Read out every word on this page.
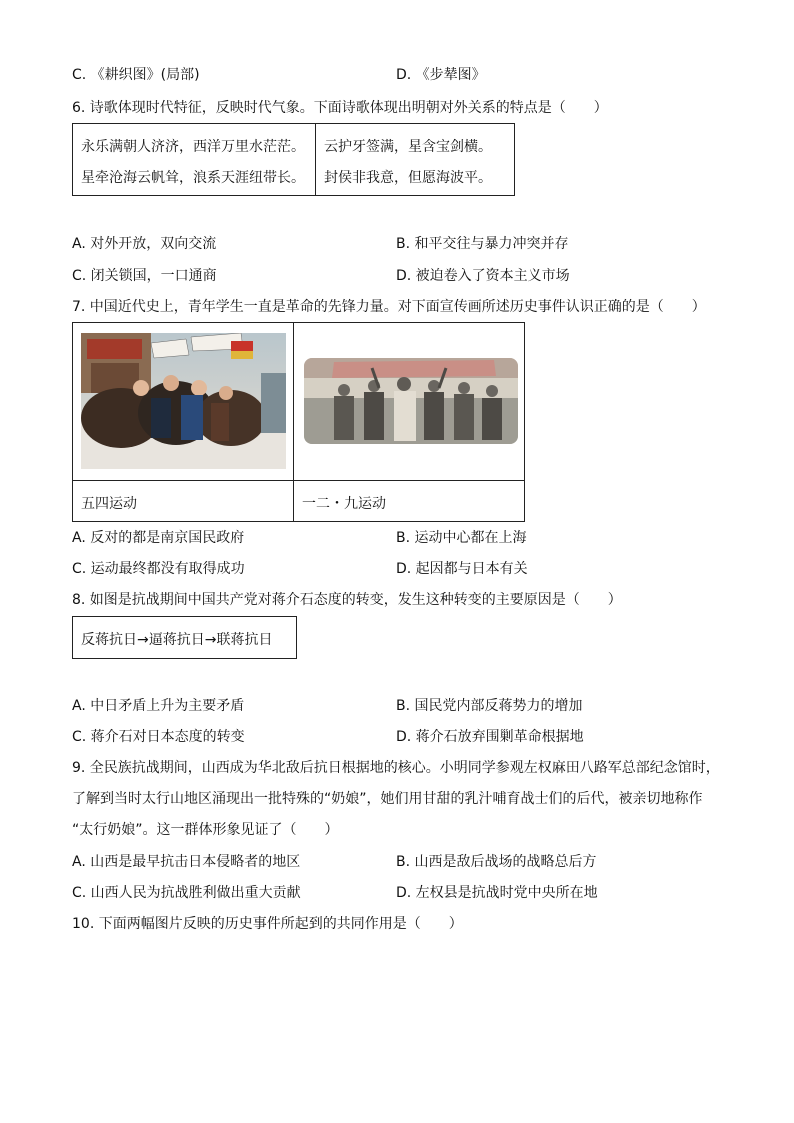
C. 《耕织图》(局部)	D. 《步辇图》
6. 诗歌体现时代特征，反映时代气象。下面诗歌体现出明朝对外关系的特点是（　　）
永乐满朝人济济，西洋万里水茫茫。
星牵沧海云帆耸，浪系天涯纽带长。
云护牙签满，星含宝剑横。
封侯非我意，但愿海波平。
A. 对外开放，双向交流	B. 和平交往与暴力冲突并存
C. 闭关锁国，一口通商	D. 被迫卷入了资本主义市场
7. 中国近代史上，青年学生一直是革命的先锋力量。对下面宣传画所述历史事件认识正确的是（　　）
五四运动	一二・九运动
A. 反对的都是南京国民政府	B. 运动中心都在上海
C. 运动最终都没有取得成功	D. 起因都与日本有关
8. 如图是抗战期间中国共产党对蒋介石态度的转变，发生这种转变的主要原因是（　　）
反蒋抗日→逼蒋抗日→联蒋抗日
A. 中日矛盾上升为主要矛盾	B. 国民党内部反蒋势力的增加
C. 蒋介石对日本态度的转变	D. 蒋介石放弃围剿革命根据地
9. 全民族抗战期间，山西成为华北敌后抗日根据地的核心。小明同学参观左权麻田八路军总部纪念馆时，
了解到当时太行山地区涌现出一批特殊的“奶娘”，她们用甘甜的乳汁哺育战士们的后代，被亲切地称作
“太行奶娘”。这一群体形象见证了（　　）
A. 山西是最早抗击日本侵略者的地区	B. 山西是敌后战场的战略总后方
C. 山西人民为抗战胜利做出重大贡献	D. 左权县是抗战时党中央所在地
10. 下面两幅图片反映的历史事件所起到的共同作用是（　　）
